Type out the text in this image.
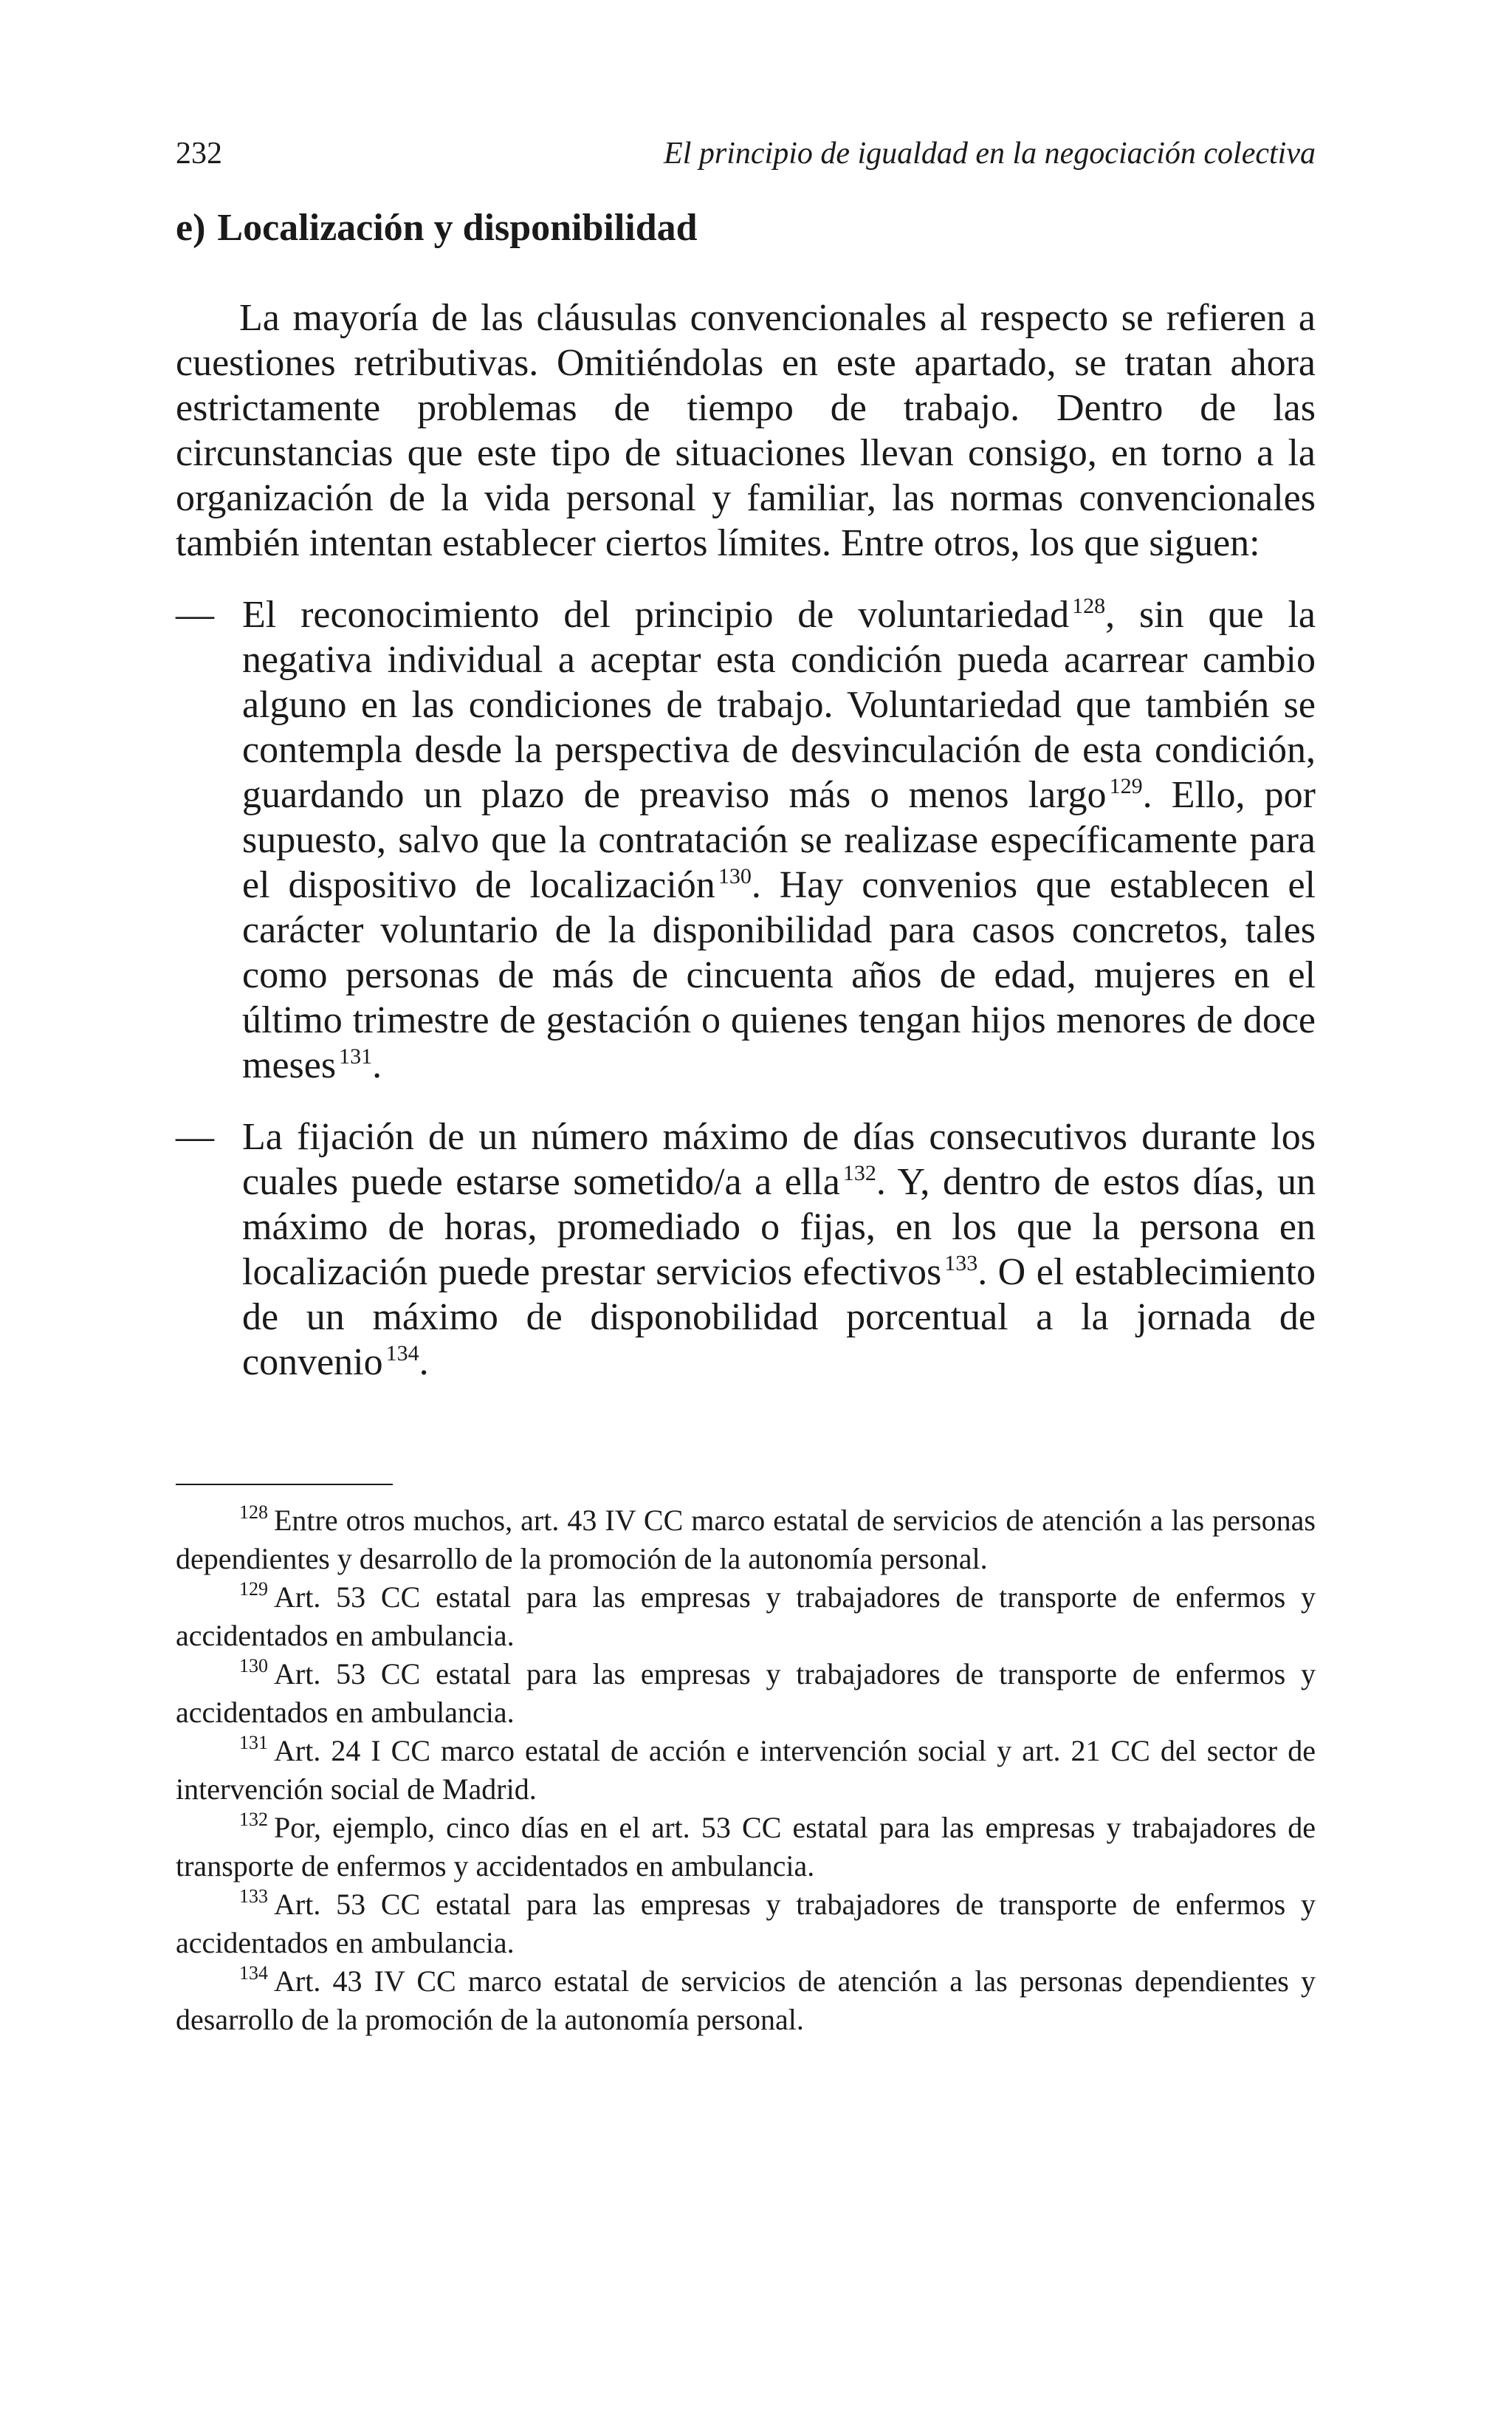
232	El principio de igualdad en la negociación colectiva
e) Localización y disponibilidad

La mayoría de las cláusulas convencionales al respecto se refieren a cuestiones retributivas. Omitiéndolas en este apartado, se tratan ahora estrictamente problemas de tiempo de trabajo. Dentro de las circunstancias que este tipo de situaciones llevan consigo, en torno a la organización de la vida personal y familiar, las normas convencionales también intentan establecer ciertos límites. Entre otros, los que siguen:

— El reconocimiento del principio de voluntariedad $^{128}$, sin que la negativa individual a aceptar esta condición pueda acarrear cambio alguno en las condiciones de trabajo. Voluntariedad que también se contempla desde la perspectiva de desvinculación de esta condición, guardando un plazo de preaviso más o menos largo $^{129}$. Ello, por supuesto, salvo que la contratación se realizase específicamente para el dispositivo de localización $^{130}$. Hay convenios que establecen el carácter voluntario de la disponibilidad para casos concretos, tales como personas de más de cincuenta años de edad, mujeres en el último trimestre de gestación o quienes tengan hijos menores de doce meses $^{131}$.
— La fijación de un número máximo de días consecutivos durante los cuales puede estarse sometido/a a ella $^{132}$. Y, dentro de estos días, un máximo de horas, promediado o fijas, en los que la persona en localización puede prestar servicios efectivos $^{133}$. O el establecimiento de un máximo de disponobilidad porcentual a la jornada de convenio $^{134}$.

$^{128}$ Entre otros muchos, art. 43 IV CC marco estatal de servicios de atención a las personas dependientes y desarrollo de la promoción de la autonomía personal.

$^{129}$ Art. 53 CC estatal para las empresas y trabajadores de transporte de enfermos y accidentados en ambulancia.

$^{130}$ Art. 53 CC estatal para las empresas y trabajadores de transporte de enfermos y accidentados en ambulancia.

$^{131}$ Art. 24 I CC marco estatal de acción e intervención social y art. 21 CC del sector de intervención social de Madrid.

$^{132}$ Por, ejemplo, cinco días en el art. 53 CC estatal para las empresas y trabajadores de transporte de enfermos y accidentados en ambulancia.

$^{133}$ Art. 53 CC estatal para las empresas y trabajadores de transporte de enfermos y accidentados en ambulancia.

$^{134}$ Art. 43 IV CC marco estatal de servicios de atención a las personas dependientes y desarrollo de la promoción de la autonomía personal.
